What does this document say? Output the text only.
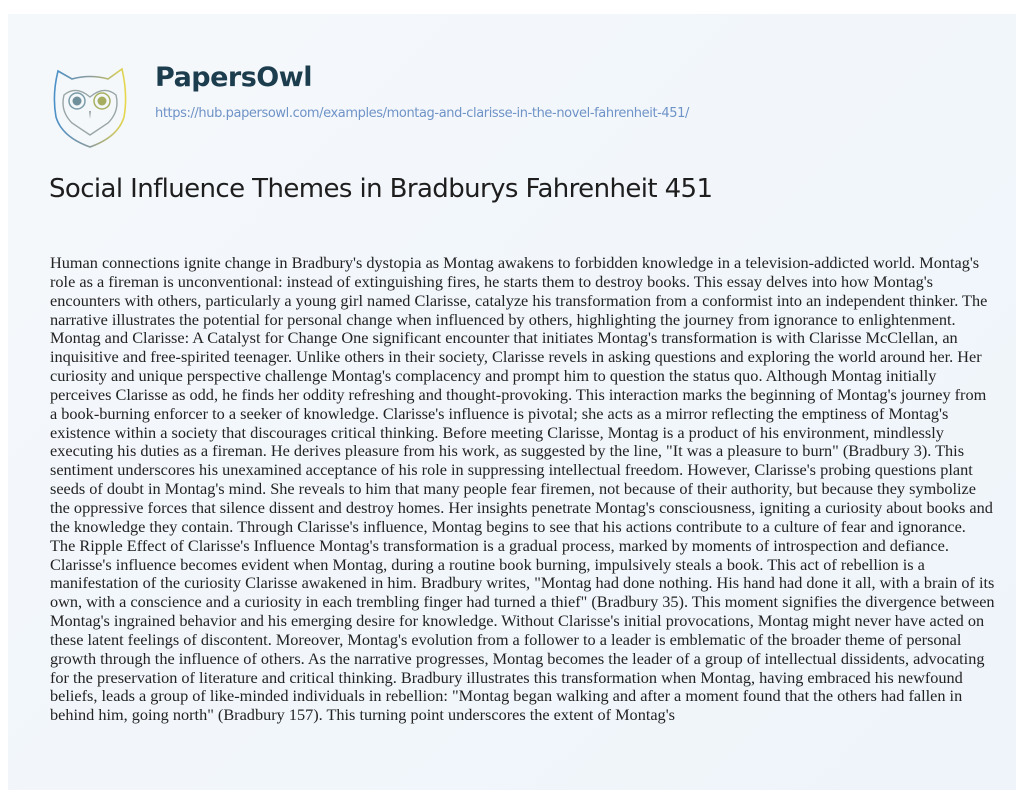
PapersOwl
https://hub.papersowl.com/examples/montag-and-clarisse-in-the-novel-fahrenheit-451/
Social Influence Themes in Bradburys Fahrenheit 451
Human connections ignite change in Bradbury's dystopia as Montag awakens to forbidden knowledge in a television-addicted world. Montag's
role as a fireman is unconventional: instead of extinguishing fires, he starts them to destroy books. This essay delves into how Montag's
encounters with others, particularly a young girl named Clarisse, catalyze his transformation from a conformist into an independent thinker. The
narrative illustrates the potential for personal change when influenced by others, highlighting the journey from ignorance to enlightenment.
Montag and Clarisse: A Catalyst for Change One significant encounter that initiates Montag's transformation is with Clarisse McClellan, an
inquisitive and free-spirited teenager. Unlike others in their society, Clarisse revels in asking questions and exploring the world around her. Her
curiosity and unique perspective challenge Montag's complacency and prompt him to question the status quo. Although Montag initially
perceives Clarisse as odd, he finds her oddity refreshing and thought-provoking. This interaction marks the beginning of Montag's journey from
a book-burning enforcer to a seeker of knowledge. Clarisse's influence is pivotal; she acts as a mirror reflecting the emptiness of Montag's
existence within a society that discourages critical thinking. Before meeting Clarisse, Montag is a product of his environment, mindlessly
executing his duties as a fireman. He derives pleasure from his work, as suggested by the line, "It was a pleasure to burn" (Bradbury 3). This
sentiment underscores his unexamined acceptance of his role in suppressing intellectual freedom. However, Clarisse's probing questions plant
seeds of doubt in Montag's mind. She reveals to him that many people fear firemen, not because of their authority, but because they symbolize
the oppressive forces that silence dissent and destroy homes. Her insights penetrate Montag's consciousness, igniting a curiosity about books and
the knowledge they contain. Through Clarisse's influence, Montag begins to see that his actions contribute to a culture of fear and ignorance.
The Ripple Effect of Clarisse's Influence Montag's transformation is a gradual process, marked by moments of introspection and defiance.
Clarisse's influence becomes evident when Montag, during a routine book burning, impulsively steals a book. This act of rebellion is a
manifestation of the curiosity Clarisse awakened in him. Bradbury writes, "Montag had done nothing. His hand had done it all, with a brain of its
own, with a conscience and a curiosity in each trembling finger had turned a thief" (Bradbury 35). This moment signifies the divergence between
Montag's ingrained behavior and his emerging desire for knowledge. Without Clarisse's initial provocations, Montag might never have acted on
these latent feelings of discontent. Moreover, Montag's evolution from a follower to a leader is emblematic of the broader theme of personal
growth through the influence of others. As the narrative progresses, Montag becomes the leader of a group of intellectual dissidents, advocating
for the preservation of literature and critical thinking. Bradbury illustrates this transformation when Montag, having embraced his newfound
beliefs, leads a group of like-minded individuals in rebellion: "Montag began walking and after a moment found that the others had fallen in
behind him, going north" (Bradbury 157). This turning point underscores the extent of Montag's
